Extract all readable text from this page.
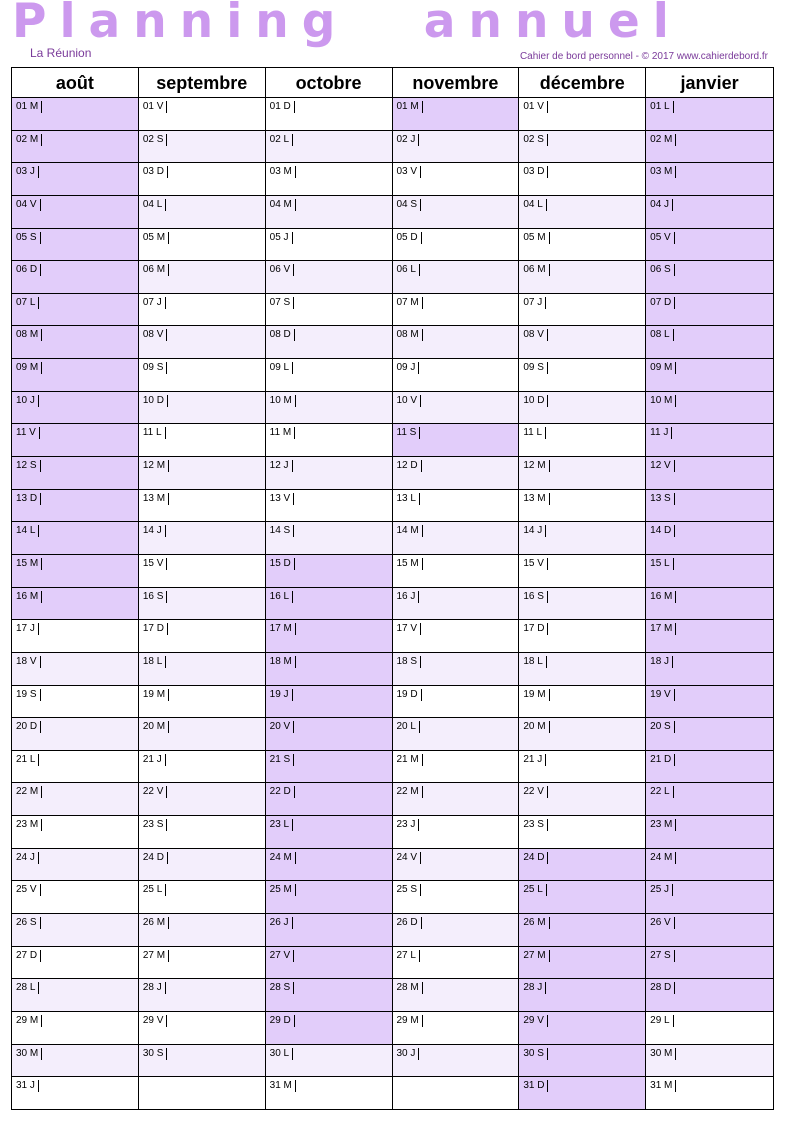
Planning annuel
La Réunion	Cahier de bord personnel - © 2017 www.cahierdebord.fr
août
01 M
02 M
03 J
04 V
05 S
06 D
07 L
08 M
09 M
10 J
11 V
12 S
13 D
14 L
15 M
16 M
17 J
18 V
19 S
20 D
21 L
22 M
23 M
24 J
25 V
26 S
27 D
28 L
29 M
30 M
31 J
septembre
01 V
02 S
03 D
04 L
05 M
06 M
07 J
08 V
09 S
10 D
11 L
12 M
13 M
14 J
15 V
16 S
17 D
18 L
19 M
20 M
21 J
22 V
23 S
24 D
25 L
26 M
27 M
28 J
29 V
30 S
octobre
01 D
02 L
03 M
04 M
05 J
06 V
07 S
08 D
09 L
10 M
11 M
12 J
13 V
14 S
15 D
16 L
17 M
18 M
19 J
20 V
21 S
22 D
23 L
24 M
25 M
26 J
27 V
28 S
29 D
30 L
31 M
novembre
01 M
02 J
03 V
04 S
05 D
06 L
07 M
08 M
09 J
10 V
11 S
12 D
13 L
14 M
15 M
16 J
17 V
18 S
19 D
20 L
21 M
22 M
23 J
24 V
25 S
26 D
27 L
28 M
29 M
30 J
décembre
01 V
02 S
03 D
04 L
05 M
06 M
07 J
08 V
09 S
10 D
11 L
12 M
13 M
14 J
15 V
16 S
17 D
18 L
19 M
20 M
21 J
22 V
23 S
24 D
25 L
26 M
27 M
28 J
29 V
30 S
31 D
janvier
01 L
02 M
03 M
04 J
05 V
06 S
07 D
08 L
09 M
10 M
11 J
12 V
13 S
14 D
15 L
16 M
17 M
18 J
19 V
20 S
21 D
22 L
23 M
24 M
25 J
26 V
27 S
28 D
29 L
30 M
31 M
